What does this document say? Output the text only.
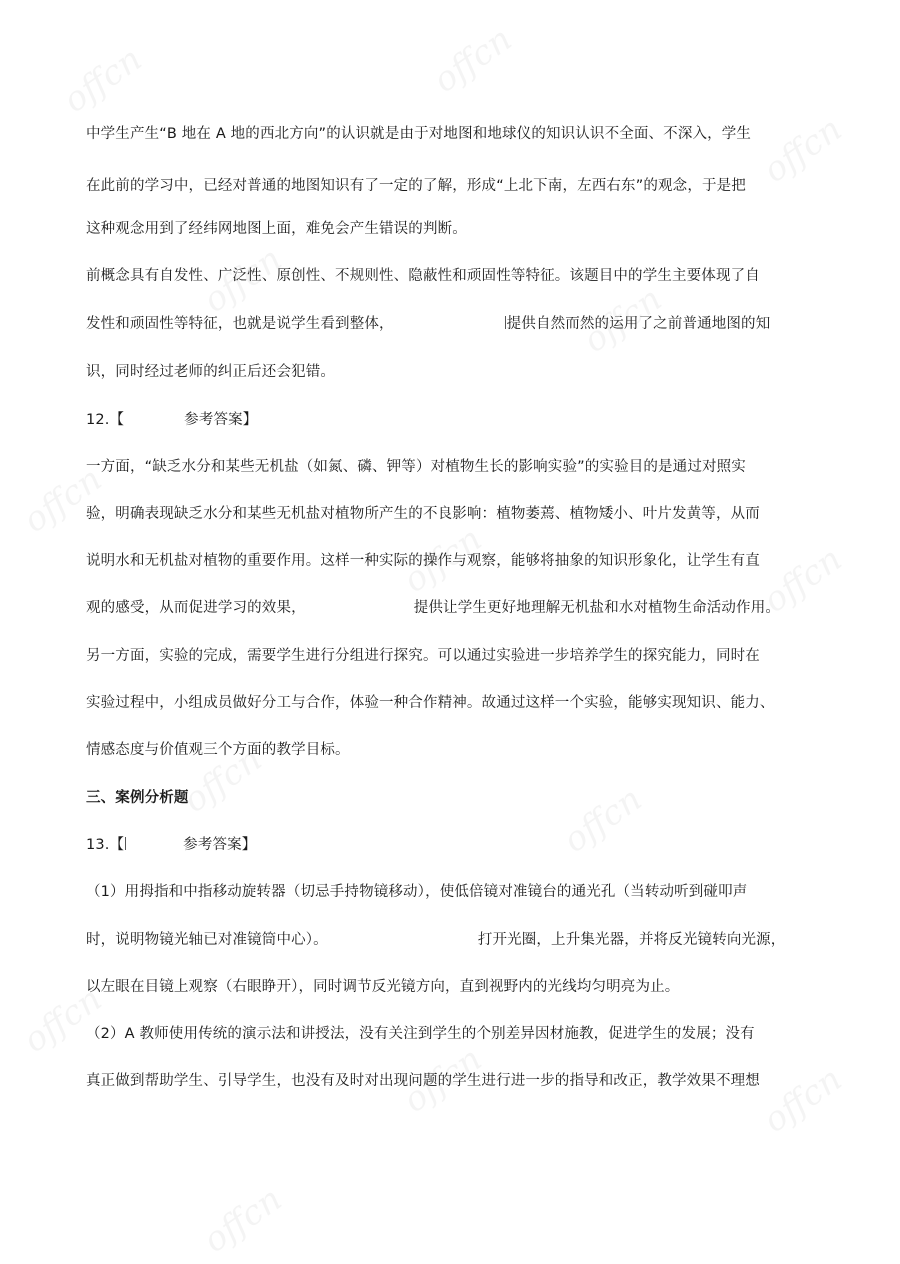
中学生产生“B 地在 A 地的西北方向”的认识就是由于对地图和地球仪的知识认识不全面、不深入，学生
在此前的学习中，已经对普通的地图知识有了一定的了解，形成“上北下南，左西右东”的观念，于是把
这种观念用到了经纬网地图上面，难免会产生错误的判断。
前概念具有自发性、广泛性、原创性、不规则性、隐蔽性和顽固性等特征。该题目中的学生主要体现了自
发性和顽固性等特征，也就是说学生看到整体，	提供自然而然的运用了之前普通地图的知
识，同时经过老师的纠正后还会犯错。
12.【	参考答案】
一方面，“缺乏水分和某些无机盐（如氮、磷、钾等）对植物生长的影响实验”的实验目的是通过对照实
验，明确表现缺乏水分和某些无机盐对植物所产生的不良影响：植物萎蔫、植物矮小、叶片发黄等，从而
说明水和无机盐对植物的重要作用。这样一种实际的操作与观察，能够将抽象的知识形象化，让学生有直
观的感受，从而促进学习的效果，	提供让学生更好地理解无机盐和水对植物生命活动作用。
另一方面，实验的完成，需要学生进行分组进行探究。可以通过实验进一步培养学生的探究能力，同时在
实验过程中，小组成员做好分工与合作，体验一种合作精神。故通过这样一个实验，能够实现知识、能力、
情感态度与价值观三个方面的教学目标。
三、案例分析题
13.【	参考答案】
（1）用拇指和中指移动旋转器（切忌手持物镜移动），使低倍镜对准镜台的通光孔（当转动听到碰叩声
时，说明物镜光轴已对准镜筒中心）。	打开光圈，上升集光器，并将反光镜转向光源，
以左眼在目镜上观察（右眼睁开），同时调节反光镜方向，直到视野内的光线均匀明亮为止。
（2）A 教师使用传统的演示法和讲授法，没有关注到学生的个别差异因材施教，促进学生的发展；没有
真正做到帮助学生、引导学生，也没有及时对出现问题的学生进行进一步的指导和改正，教学效果不理想
